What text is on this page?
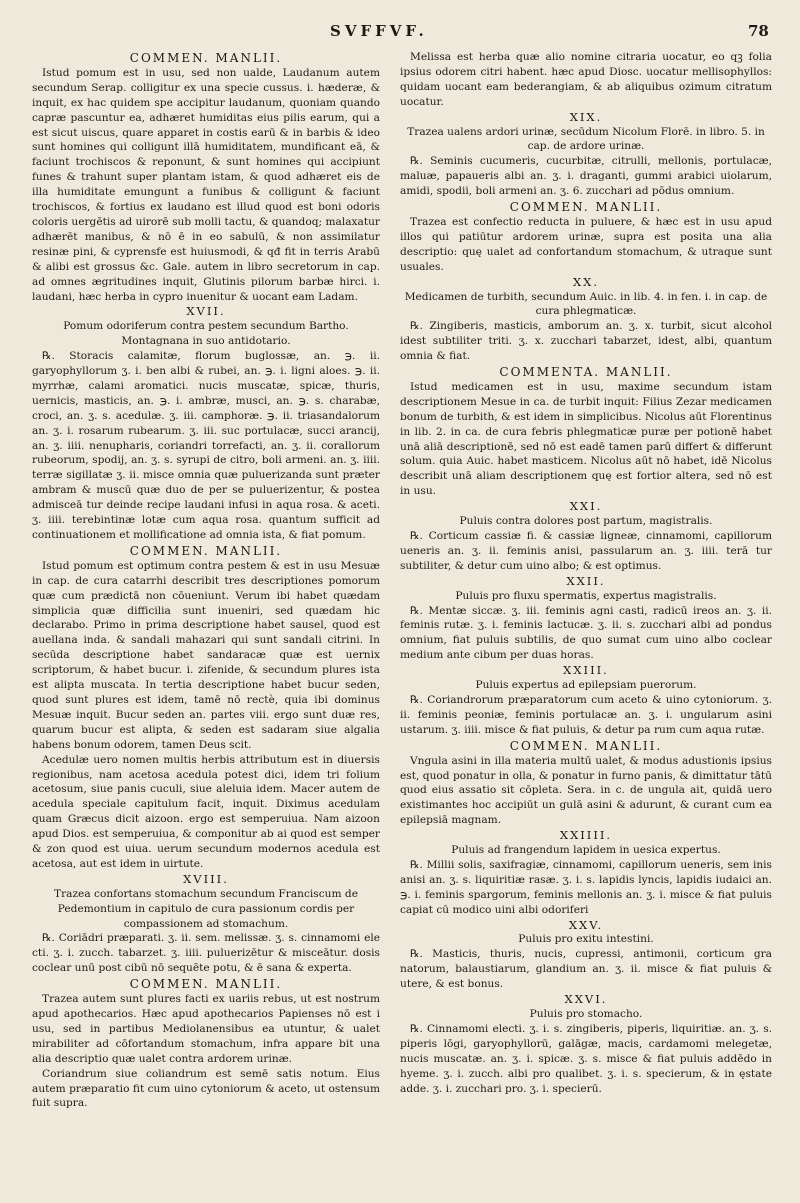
SVFFVF.	78

COMMEN. MANLII.

Istud pomum est in usu, sed non ualde, Laudanum autem secundum Serap. colligitur ex una specie cussus. i. hæderæ, & inquit, ex hac quidem spe accipitur laudanum, quoniam quando capræ pascuntur ea, adhæret humiditas eius pilis earum, qui a est sicut uiscus, quare apparet in costis earū & in barbis & ideo sunt homines qui colligunt illā humiditatem, mundificant eā, & faciunt trochiscos & reponunt, & sunt homines qui accipiunt funes & trahunt super plantam istam, & quod adhæret eis de illa humiditate emungunt a funibus & colligunt & faciunt trochiscos, & fortius ex laudano est illud quod est boni odoris coloris uergētis ad uirorē sub molli tactu, & quandoq; malaxatur adhærēt manibus, & nō ē in eo sabulū, & non assimilatur resinæ pini, & cyprensfe est huiusmodi, & qđ fit in terris Arabū & alibi est grossus &c. Gale. autem in libro secretorum in cap. ad omnes ægritudines inquit, Glutinis pilorum barbæ hirci. i. laudani, hæc herba in cypro inuenitur & uocant eam Ladam.

XVII.

Pomum odoriferum contra pestem secundum Bartho. Montagnana in suo antidotario.

℞. Storacis calamitæ, florum buglossæ, an. ℈. ii. garyophyllorum ʒ. i. ben albi & rubei, an. ℈. i. ligni aloes. ℈. ii. myrrhæ, calami aromatici. nucis muscatæ, spicæ, thuris, uernicis, masticis, an. ℈. i. ambræ, musci, an. ℈. s. charabæ, croci, an. ʒ. s. acedulæ. ʒ. iii. camphoræ. ℈. ii. triasandalorum an. ʒ. i. rosarum rubearum. ʒ. iii. suc portulacæ, succi arancij, an. ʒ. iiii. nenupharis, coriandri torrefacti, an. ʒ. ii. corallorum rubeorum, spodij, an. ʒ. s. syrupi de citro, boli armeni. an. ʒ. iiii. terræ sigillatæ ʒ. ii. misce omnia quæ puluerizanda sunt præter ambram & muscū quæ duo de per se puluerizentur, & postea admisceā tur deinde recipe laudani infusi in aqua rosa. & aceti. ʒ. iiii. terebintinæ lotæ cum aqua rosa. quantum sufficit ad continuationem et mollificatione ad omnia ista, & fiat pomum.

COMMEN. MANLII.

Istud pomum est optimum contra pestem & est in usu Mesuæ in cap. de cura catarrhi describit tres descriptiones pomorum quæ cum prædictā non cōueniunt. Verum ibi habet quædam simplicia quæ difficilia sunt inueniri, sed quædam hic declarabo. Primo in prima descriptione habet sausel, quod est auellana inda. & sandali mahazari qui sunt sandali citrini. In secūda descriptione habet sandaracæ quæ est uernix scriptorum, & habet bucur. i. zifenide, & secundum plures ista est alipta muscata. In tertia descriptione habet bucur seden, quod sunt plures est idem, tamē nō rectè, quia ibi dominus Mesuæ inquit. Bucur seden an. partes viii. ergo sunt duæ res, quarum bucur est alipta, & seden est sadaram siue algalia habens bonum odorem, tamen Deus scit.

Acedulæ uero nomen multis herbis attributum est in diuersis regionibus, nam acetosa acedula potest dici, idem tri folium acetosum, siue panis cuculi, siue aleluia idem. Macer autem de acedula speciale capitulum facit, inquit. Diximus acedulam quam Græcus dicit aizoon. ergo est semperuiua. Nam aizoon apud Dios. est semperuiua, & componitur ab ai quod est semper & zon quod est uiua. uerum secundum modernos acedula est acetosa, aut est idem in uirtute.

XVIII.

Trazea confortans stomachum secundum Franciscum de Pedemontium in capitulo de cura passionum cordis per compassionem ad stomachum.

℞. Coriādri præparati. ʒ. ii. sem. melissæ. ʒ. s. cinnamomi ele cti. ʒ. i. zucch. tabarzet. ʒ. iiii. puluerizētur & misceātur. dosis coclear unū post cibū nō sequēte potu, & ē sana & experta.

COMMEN. MANLII.

Trazea autem sunt plures facti ex uariis rebus, ut est nostrum apud apothecarios. Hæc apud apothecarios Papienses nō est i usu, sed in partibus Mediolanensibus ea utuntur, & ualet mirabiliter ad cōfortandum stomachum, infra appare bit una alia descriptio quæ ualet contra ardorem urinæ.

Coriandrum siue coliandrum est semē satis notum. Eius autem præparatio fit cum uino cytoniorum & aceto, ut ostensum fuit supra.

Melissa est herba quæ alio nomine citraria uocatur, eo qꝫ folia ipsius odorem citri habent. hæc apud Diosc. uocatur mellisophyllos: quidam uocant eam bederangiam, & ab aliquibus ozimum citratum uocatur.

XIX.

Trazea ualens ardori urinæ, secūdum Nicolum Florē. in libro. 5. in cap. de ardore urinæ.

℞. Seminis cucumeris, cucurbitæ, citrulli, mellonis, portulacæ, maluæ, papaueris albi an. ʒ. i. draganti, gummi arabici uiolarum, amidi, spodii, boli armeni an. ʒ. 6. zucchari ad pōdus omnium.

COMMEN. MANLII.

Trazea est confectio reducta in puluere, & hæc est in usu apud illos qui patiūtur ardorem urinæ, supra est posita una alia descriptio: quę ualet ad confortandum stomachum, & utraque sunt usuales.

XX.

Medicamen de turbith, secundum Auic. in lib. 4. in fen. i. in cap. de cura phlegmaticæ.

℞. Zingiberis, masticis, amborum an. ʒ. x. turbit, sicut alcohol idest subtiliter triti. ʒ. x. zucchari tabarzet, idest, albi, quantum omnia & fiat.

COMMENTA. MANLII.

Istud medicamen est in usu, maxime secundum istam descriptionem Mesue in ca. de turbit inquit: Filius Zezar medicamen bonum de turbith, & est idem in simplicibus. Nicolus aūt Florentinus in lib. 2. in ca. de cura febris phlegmaticæ puræ per potionē habet unā aliā descriptionē, sed nō est eadē tamen parū differt & differunt solum. quia Auic. habet masticem. Nicolus aūt nō habet, idē Nicolus describit unā aliam descriptionem quę est fortior altera, sed nō est in usu.

XXI.

Puluis contra dolores post partum, magistralis.

℞. Corticum cassiæ fi. & cassiæ ligneæ, cinnamomi, capillorum ueneris an. ʒ. ii. feminis anisi, passularum an. ʒ. iiii. terā tur subtiliter, & detur cum uino albo; & est optimus.

XXII.

Puluis pro fluxu spermatis, expertus magistralis.

℞. Mentæ siccæ. ʒ. iii. feminis agni casti, radicū ireos an. ʒ. ii. feminis rutæ. ʒ. i. feminis lactucæ. ʒ. ii. s. zucchari albi ad pondus omnium, fiat puluis subtilis, de quo sumat cum uino albo coclear medium ante cibum per duas horas.

XXIII.

Puluis expertus ad epilepsiam puerorum.

℞. Coriandrorum præparatorum cum aceto & uino cytoniorum. ʒ. ii. feminis peoniæ, feminis portulacæ an. ʒ. i. ungularum asini ustarum. ʒ. iiii. misce & fiat puluis, & detur pa rum cum aqua rutæ.

COMMEN. MANLII.

Vngula asini in illa materia multū ualet, & modus adustionis ipsius est, quod ponatur in olla, & ponatur in furno panis, & dimittatur tātū quod eius assatio sit cōpleta. Sera. in c. de ungula ait, quidā uero existimantes hoc accipiūt un gulā asini & adurunt, & curant cum ea epilepsiā magnam.

XXIIII.

Puluis ad frangendum lapidem in uesica expertus.

℞. Millii solis, saxifragiæ, cinnamomi, capillorum ueneris, sem inis anisi an. ʒ. s. liquiritiæ rasæ. ʒ. i. s. lapidis lyncis, lapidis iudaici an. ℈. i. feminis spargorum, feminis mellonis an. ʒ. i. misce & fiat puluis capiat cū modico uini albi odoriferi

XXV.

Puluis pro exitu intestini.

℞. Masticis, thuris, nucis, cupressi, antimonii, corticum gra natorum, balaustiarum, glandium an. ʒ. ii. misce & fiat puluis & utere, & est bonus.

XXVI.

Puluis pro stomacho.

℞. Cinnamomi electi. ʒ. i. s. zingiberis, piperis, liquiritiæ. an. ʒ. s. piperis lōgi, garyophyllorū, galāgæ, macis, cardamomi melegetæ, nucis muscatæ. an. ʒ. i. spicæ. ʒ. s. misce & fiat puluis addēdo in hyeme. ʒ. i. zucch. albi pro qualibet. ʒ. i. s. specierum, & in ęstate adde. ʒ. i. zucchari pro. ʒ. i. specierū.
